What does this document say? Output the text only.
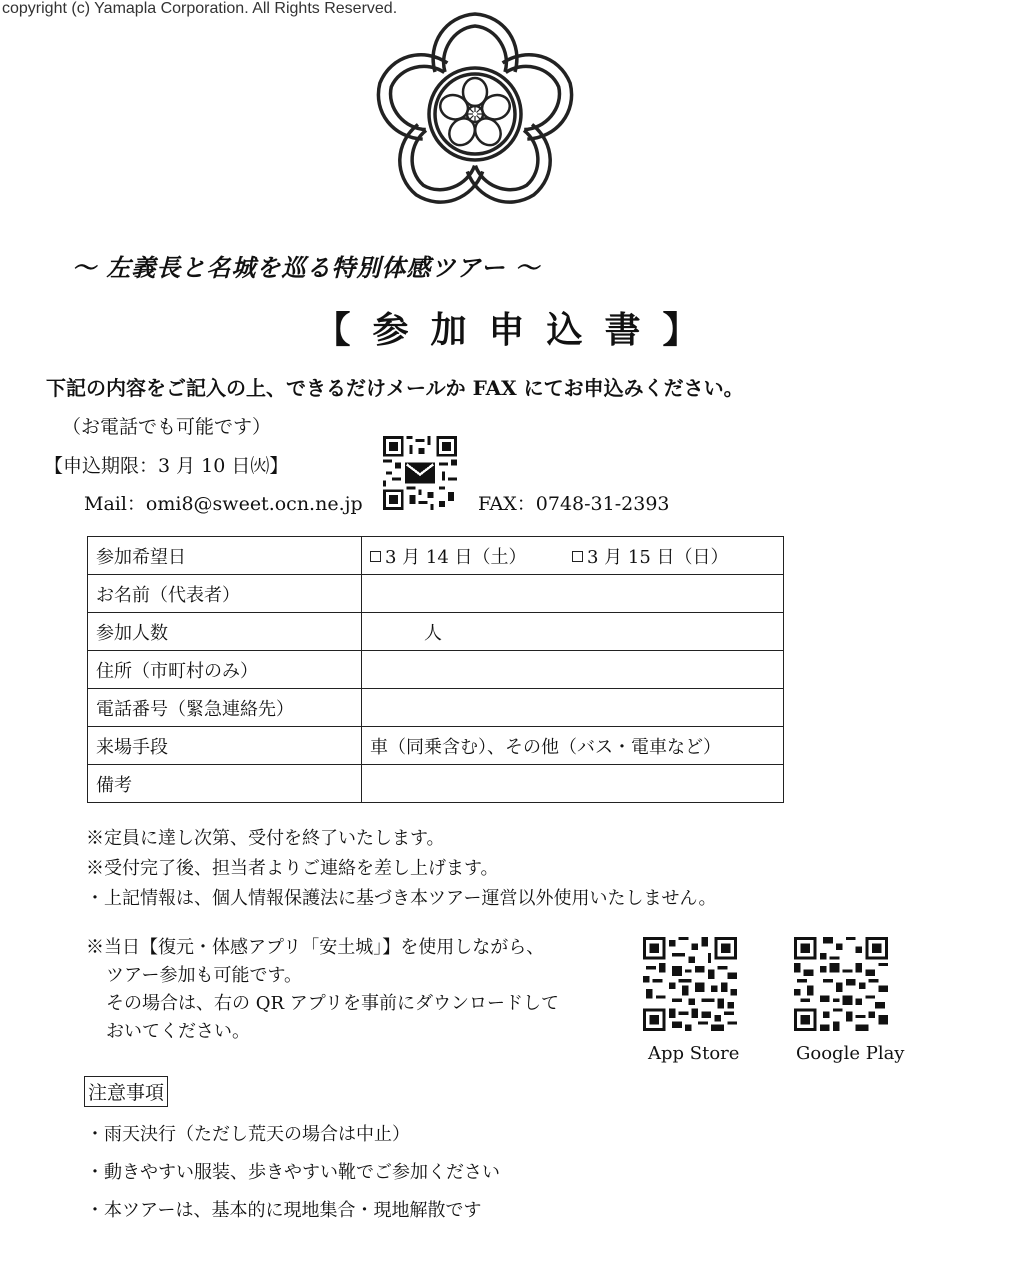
copyright (c) Yamapla Corporation. All Rights Reserved.
～ 左義長と名城を巡る特別体感ツアー ～
【参加申込書】
下記の内容をご記入の上、できるだけメールか FAX にてお申込みください。
（お電話でも可能です）
【申込期限：3 月 10 日㈫】
Mail：omi8@sweet.ocn.ne.jp	FAX：0748-31-2393
参加希望日	3 月 14 日（土） 3 月 15 日（日）
お名前（代表者）	
参加人数	　　　人
住所（市町村のみ）	
電話番号（緊急連絡先）	
来場手段	車（同乗含む）、その他（バス・電車など）
備考	
※定員に達し次第、受付を終了いたします。
※受付完了後、担当者よりご連絡を差し上げます。
・上記情報は、個人情報保護法に基づき本ツアー運営以外使用いたしません。
※当日【復元・体感アプリ「安土城」】を使用しながら、
ツアー参加も可能です。
その場合は、右の QR アプリを事前にダウンロードして
おいてください。
App Store	Google Play
注意事項
・雨天決行（ただし荒天の場合は中止）
・動きやすい服装、歩きやすい靴でご参加ください
・本ツアーは、基本的に現地集合・現地解散です
